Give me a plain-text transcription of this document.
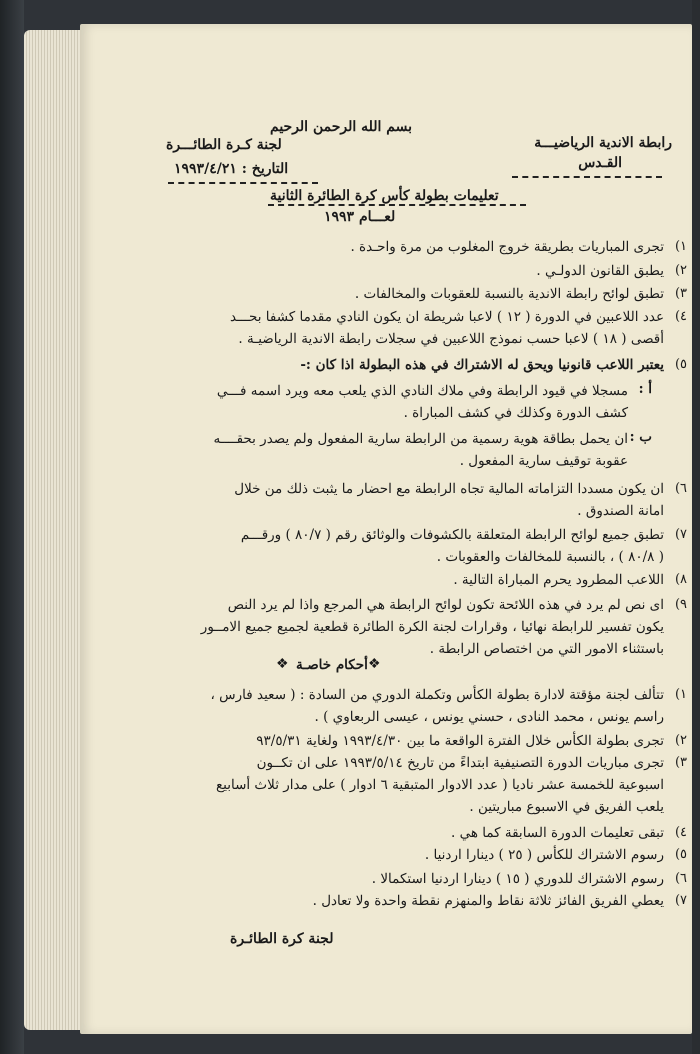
بسم الله الرحمن الرحيم
رابطة الاندية الرياضيـــة
القـدس
لجنة كـرة الطائـــرة
التاريخ : ١٩٩٣/٤/٢١
تعليمات بطولة كأس كرة الطائرة الثانية
لعـــام ١٩٩٣
١)
تجرى المباريات بطريقة خروج المغلوب من مرة واحـدة .
٢)
يطبق القانون الدولـي .
٣)
تطبق لوائح رابطة الاندية بالنسبة للعقوبات والمخالفات .
٤)
عدد اللاعبين في الدورة ( ١٢ ) لاعبا شريطة ان يكون النادي مقدما كشفا بحـــد
أقصى ( ١٨ ) لاعبا حسب نموذج اللاعبين في سجلات رابطة الاندية الرياضيـة .
٥)
يعتبر اللاعب قانونيا ويحق له الاشتراك في هذه البطولة اذا كان :-
أ :
مسجلا في قيود الرابطة وفي ملاك النادي الذي يلعب معه ويرد اسمه فـــي
كشف الدورة وكذلك في كشف المباراة .
ب :
ان يحمل بطاقة هوية رسمية من الرابطة سارية المفعول ولم يصدر بحقــــه
عقوبة توقيف سارية المفعول .
٦)
ان يكون مسددا التزاماته المالية تجاه الرابطة مع احضار ما يثبت ذلك من خلال
امانة الصندوق .
٧)
تطبق جميع لوائح الرابطة المتعلقة بالكشوفات والوثائق رقم ( ٨٠/٧ ) ورقـــم
( ٨٠/٨ ) ، بالنسبة للمخالفات والعقوبات .
٨)
اللاعب المطرود يحرم المباراة التالية .
٩)
اى نص لم يرد في هذه اللائحة تكون لوائح الرابطة هي المرجع واذا لم يرد النص
يكون تفسير للرابطة نهائيا ، وقرارات لجنة الكرة الطائرة قطعية لجميع جميع الامــور
باستثناء الامور التي من اختصاص الرابطة .
❖ أحكام خاصـة ❖
١)
تتألف لجنة مؤقتة لادارة بطولة الكأس وتكملة الدوري من السادة : ( سعيد فارس ،
راسم يونس ، محمد النادى ، حسني يونس ، عيسى الربعاوي ) .
٢)
تجرى بطولة الكأس خلال الفترة الواقعة ما بين ١٩٩٣/٤/٣٠ ولغاية ٩٣/٥/٣١
٣)
تجرى مباريات الدورة التصنيفية ابتداءً من تاريخ ١٩٩٣/٥/١٤ على ان تكــون
اسبوعية للخمسة عشر ناديا ( عدد الادوار المتبقية ٦ ادوار ) على مدار ثلاث أسابيع
يلعب الفريق في الاسبوع مباريتين .
٤)
تبقى تعليمات الدورة السابقة كما هي .
٥)
رسوم الاشتراك للكأس ( ٢٥ ) دينارا اردنيا .
٦)
رسوم الاشتراك للدوري ( ١٥ ) دينارا اردنيا استكمالا .
٧)
يعطي الفريق الفائز ثلاثة نقاط والمنهزم نقطة واحدة ولا تعادل .
لجنة كرة الطائـرة
